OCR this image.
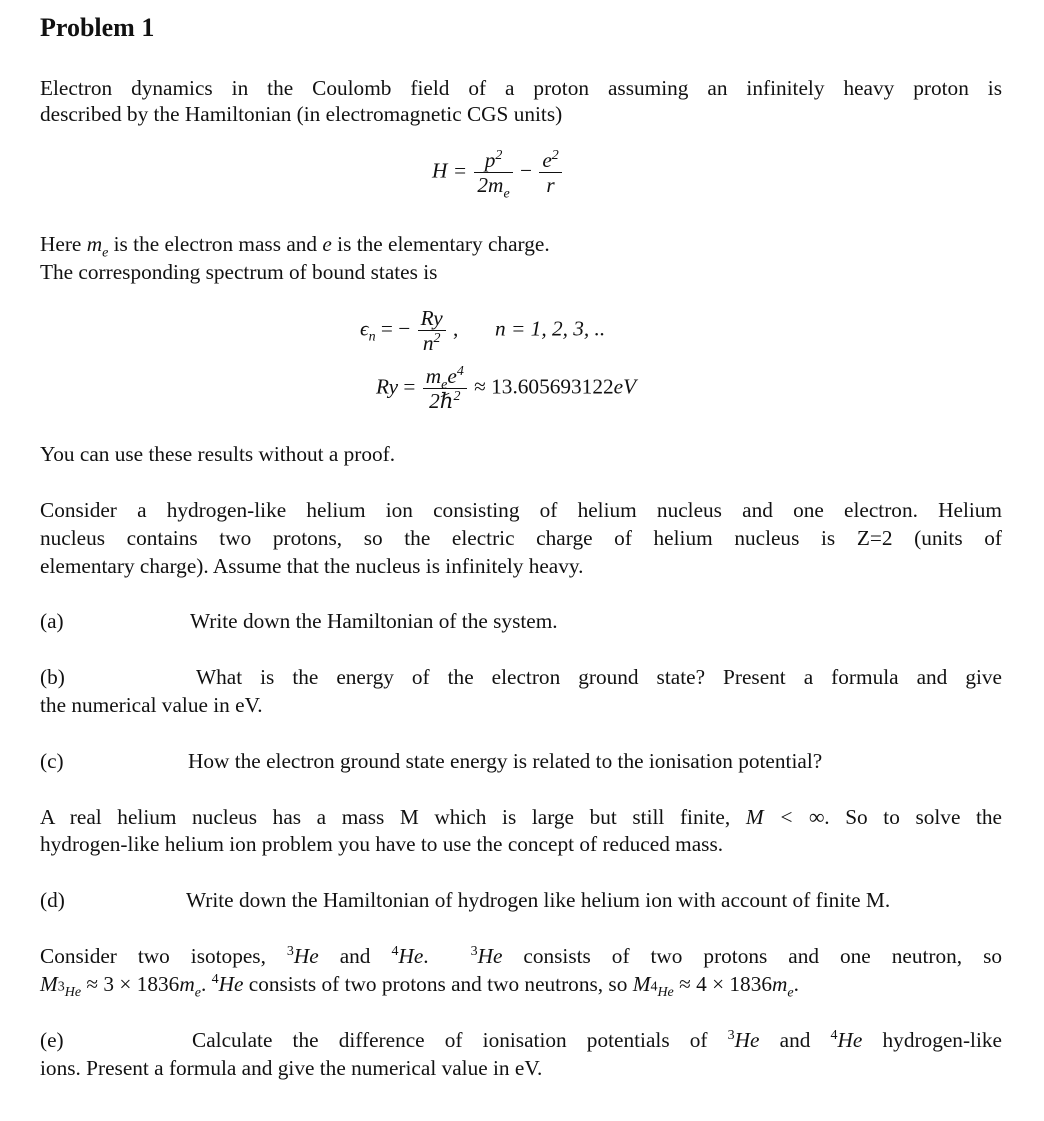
Problem 1
Electron dynamics in the Coulomb field of a proton assuming an infinitely heavy proton is
described by the Hamiltonian (in electromagnetic CGS units)
$H = \frac{p^2}{2m_e} - \frac{e^2}{r}$
Here $m_e$ is the electron mass and e is the elementary charge.
The corresponding spectrum of bound states is
$\epsilon_n$ = − $\frac{Ry}{n^2}$ , n = 1, 2, 3, ..
$Ry = \frac{m_ee^4}{2\hbar^2} \approx 13.605693122eV$
You can use these results without a proof.
Consider a hydrogen-like helium ion consisting of helium nucleus and one electron. Helium
nucleus contains two protons, so the electric charge of helium nucleus is Z=2 (units of
elementary charge). Assume that the nucleus is infinitely heavy.
(a)	Write down the Hamiltonian of the system.
(b)	What is the energy of the electron ground state? Present a formula and give
the numerical value in eV.
(c)	How the electron ground state energy is related to the ionisation potential?
A real helium nucleus has a mass M which is large but still finite, M < ∞. So to solve the
hydrogen-like helium ion problem you have to use the concept of reduced mass.
(d)	Write down the Hamiltonian of hydrogen like helium ion with account of finite M.
Consider two isotopes, $^3$He and $^4$He.	$^3$He consists of two protons and one neutron, so
$M_{^3He} \approx 3 \times 1836m_e$. $^4$He consists of two protons and two neutrons, so $M_{^4He} \approx 4 \times 1836m_e$.
(e)	Calculate the difference of ionisation potentials of $^3$He and $^4$He hydrogen-like
ions. Present a formula and give the numerical value in eV.
